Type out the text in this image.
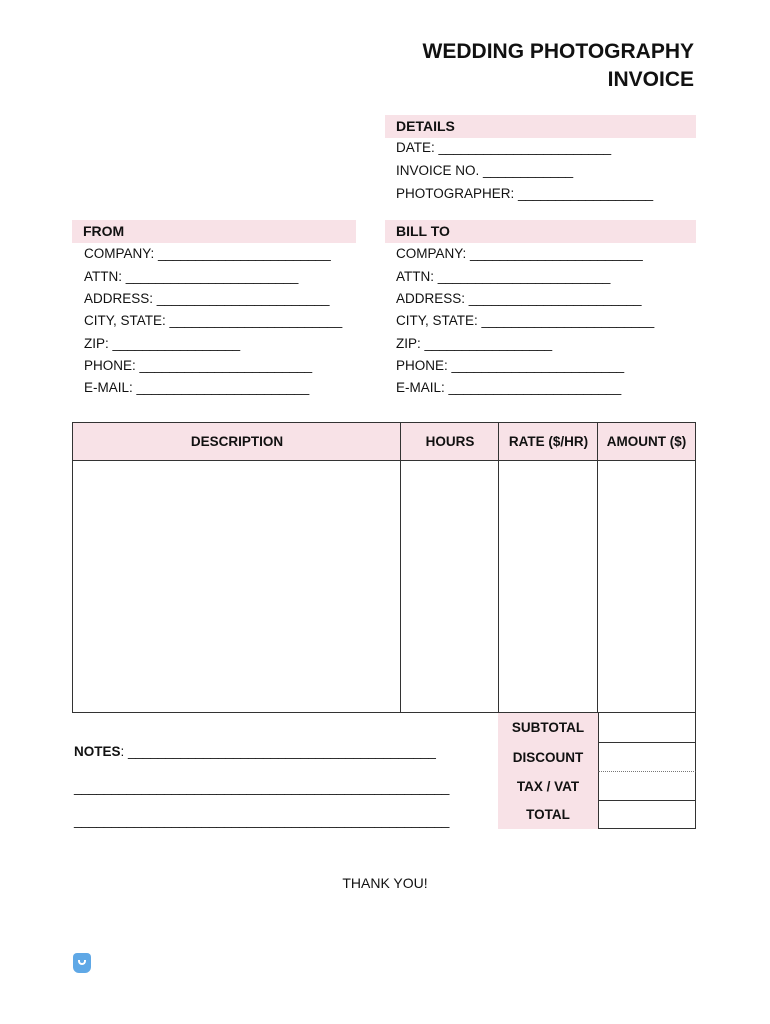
WEDDING PHOTOGRAPHY
INVOICE
DETAILS
DATE: _______________________
INVOICE NO. ____________
PHOTOGRAPHER: __________________
FROM
COMPANY: _______________________
ATTN: _______________________
ADDRESS: _______________________
CITY, STATE: _______________________
ZIP: _________________
PHONE: _______________________
E-MAIL: _______________________
BILL TO
COMPANY: _______________________
ATTN: _______________________
ADDRESS: _______________________
CITY, STATE: _______________________
ZIP: _________________
PHONE: _______________________
E-MAIL: _______________________
DESCRIPTION	HOURS	RATE ($/HR)	AMOUNT ($)
SUBTOTAL
DISCOUNT
TAX / VAT
TOTAL
NOTES: _________________________________________
__________________________________________________
__________________________________________________
THANK YOU!
